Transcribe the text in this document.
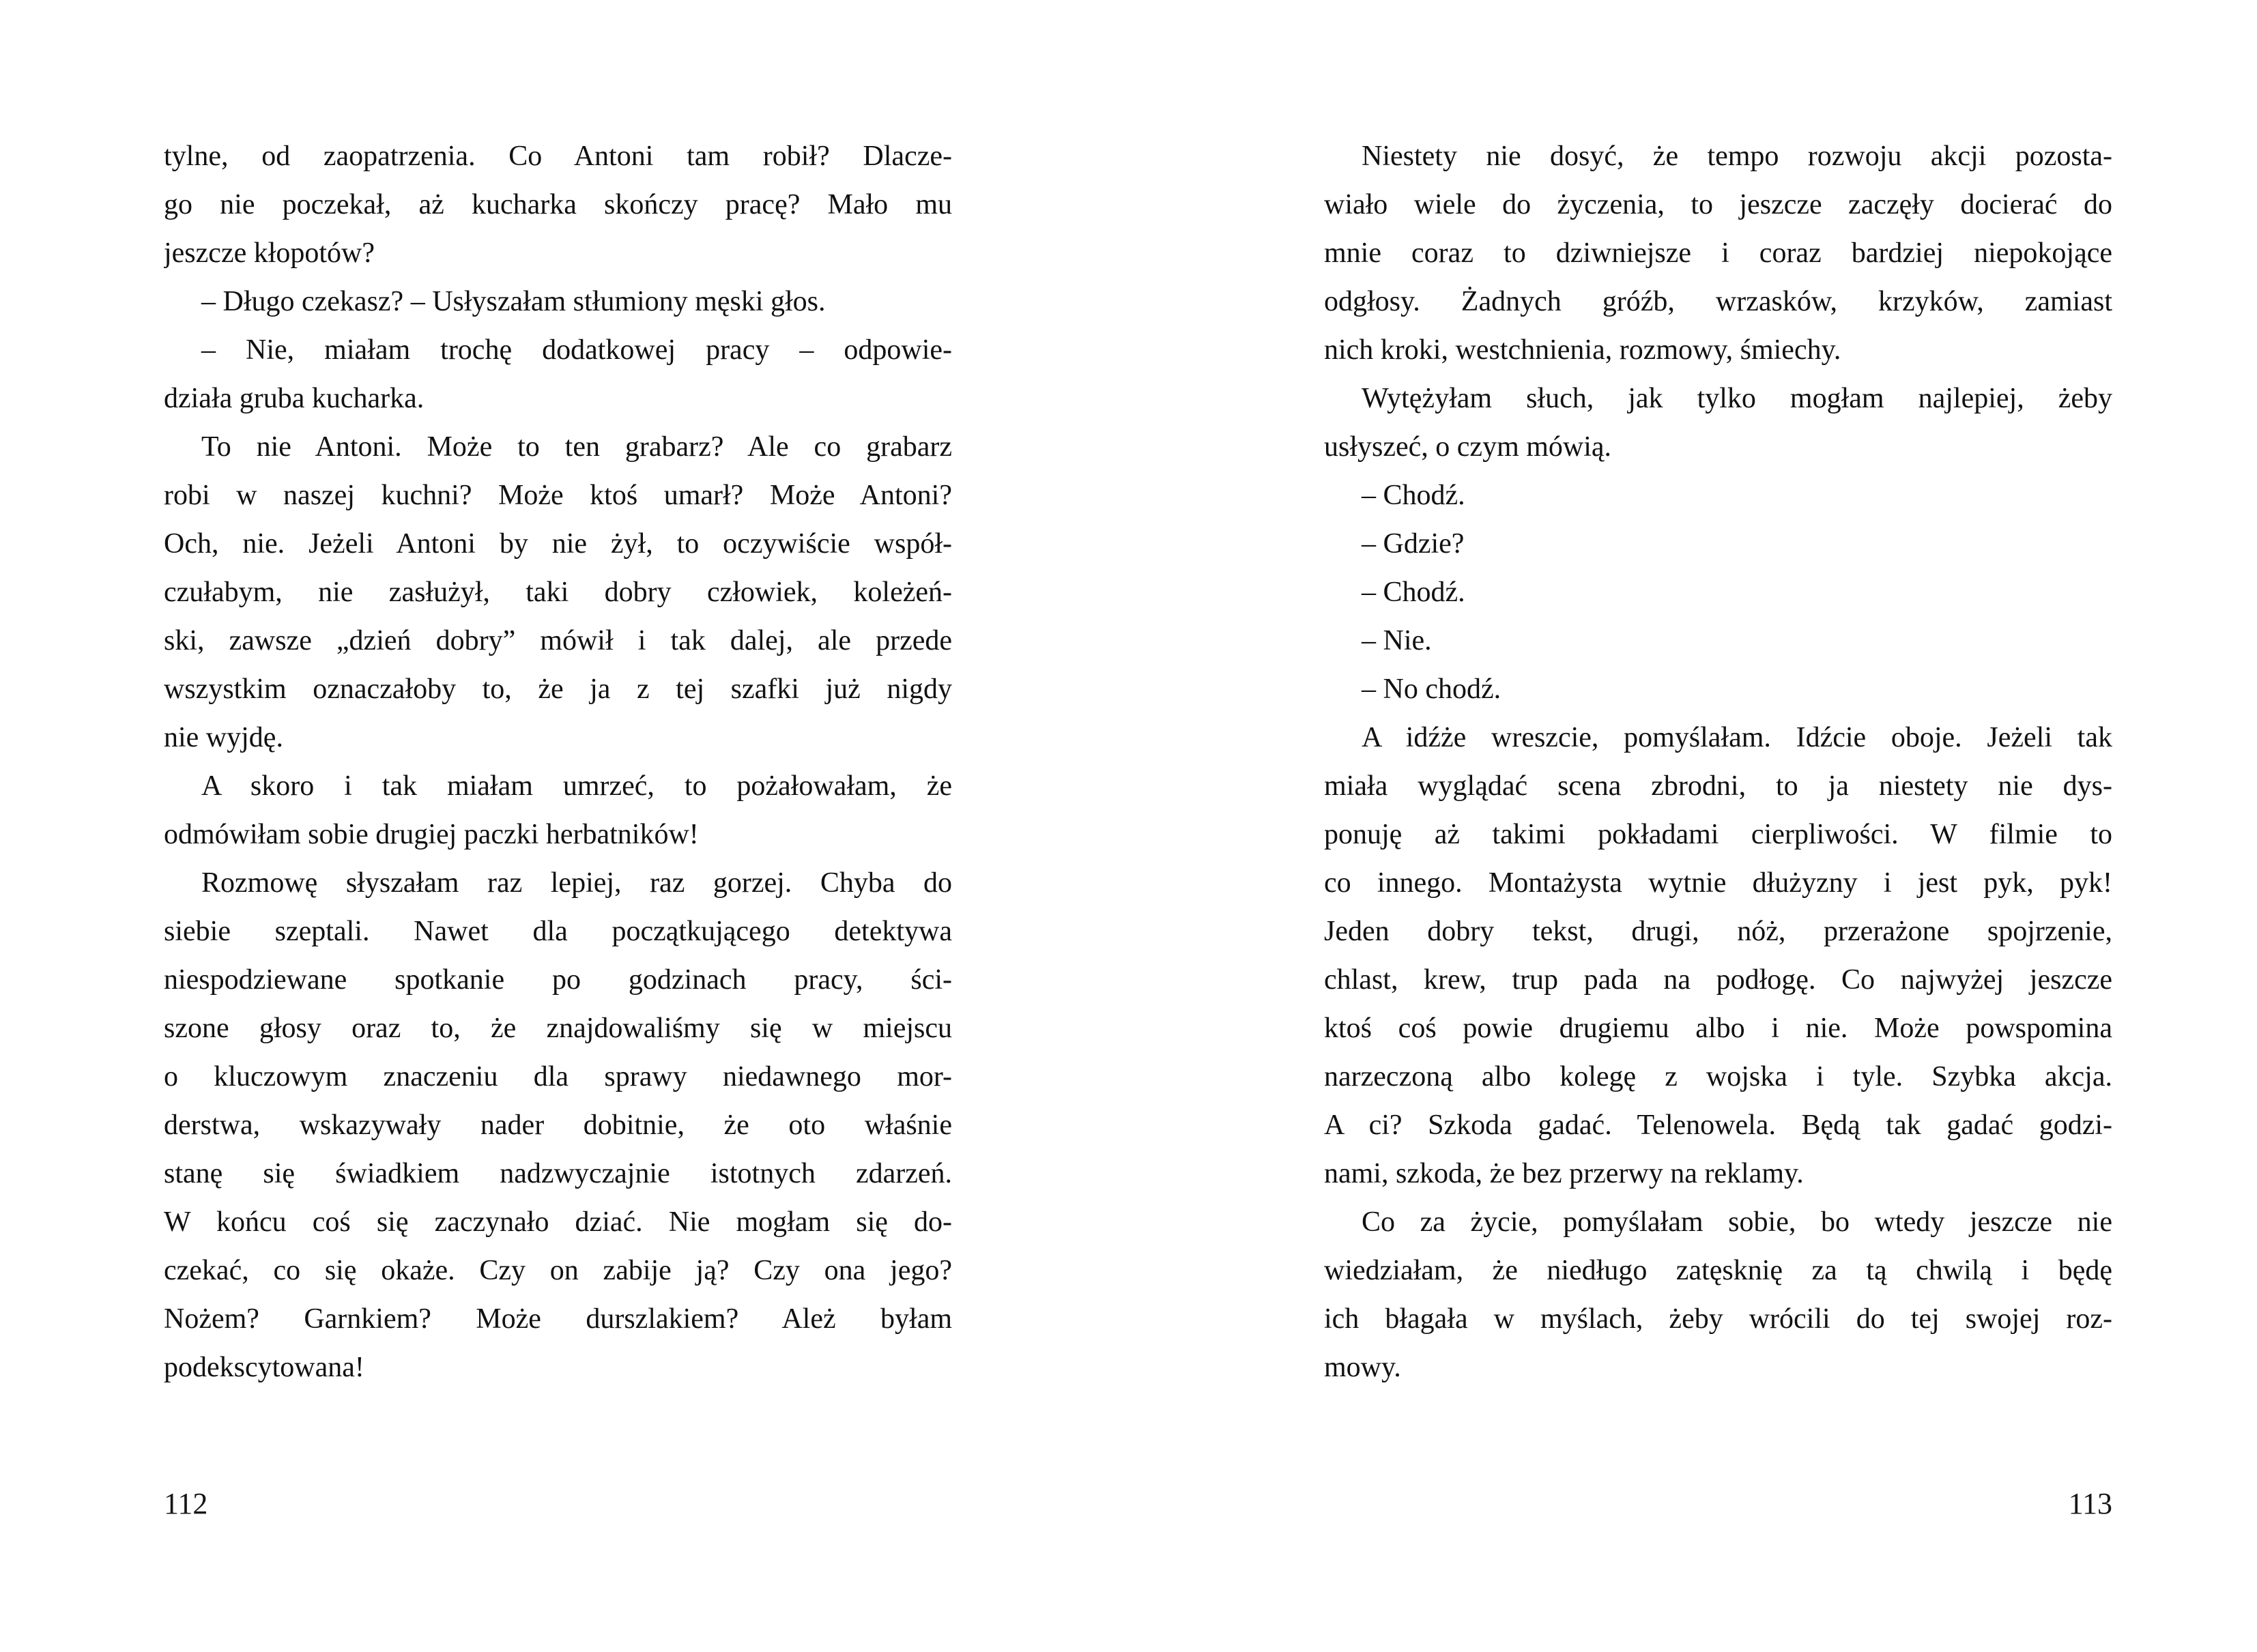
tylne, od zaopatrzenia. Co Antoni tam robił? Dlacze-
go nie poczekał, aż kucharka skończy pracę? Mało mu
jeszcze kłopotów?
– Długo czekasz? – Usłyszałam stłumiony męski głos.
– Nie, miałam trochę dodatkowej pracy – odpowie-
działa gruba kucharka.
To nie Antoni. Może to ten grabarz? Ale co grabarz
robi w naszej kuchni? Może ktoś umarł? Może Antoni?
Och, nie. Jeżeli Antoni by nie żył, to oczywiście współ-
czułabym, nie zasłużył, taki dobry człowiek, koleżeń-
ski, zawsze „dzień dobry” mówił i tak dalej, ale przede
wszystkim oznaczałoby to, że ja z tej szafki już nigdy
nie wyjdę.
A skoro i tak miałam umrzeć, to pożałowałam, że
odmówiłam sobie drugiej paczki herbatników!
Rozmowę słyszałam raz lepiej, raz gorzej. Chyba do
siebie szeptali. Nawet dla początkującego detektywa
niespodziewane spotkanie po godzinach pracy, ści-
szone głosy oraz to, że znajdowaliśmy się w miejscu
o kluczowym znaczeniu dla sprawy niedawnego mor-
derstwa, wskazywały nader dobitnie, że oto właśnie
stanę się świadkiem nadzwyczajnie istotnych zdarzeń.
W końcu coś się zaczynało dziać. Nie mogłam się do-
czekać, co się okaże. Czy on zabije ją? Czy ona jego?
Nożem? Garnkiem? Może durszlakiem? Ależ byłam
podekscytowana!
Niestety nie dosyć, że tempo rozwoju akcji pozosta-
wiało wiele do życzenia, to jeszcze zaczęły docierać do
mnie coraz to dziwniejsze i coraz bardziej niepokojące
odgłosy. Żadnych gróźb, wrzasków, krzyków, zamiast
nich kroki, westchnienia, rozmowy, śmiechy.
Wytężyłam słuch, jak tylko mogłam najlepiej, żeby
usłyszeć, o czym mówią.
– Chodź.
– Gdzie?
– Chodź.
– Nie.
– No chodź.
A idźże wreszcie, pomyślałam. Idźcie oboje. Jeżeli tak
miała wyglądać scena zbrodni, to ja niestety nie dys-
ponuję aż takimi pokładami cierpliwości. W filmie to
co innego. Montażysta wytnie dłużyzny i jest pyk, pyk!
Jeden dobry tekst, drugi, nóż, przerażone spojrzenie,
chlast, krew, trup pada na podłogę. Co najwyżej jeszcze
ktoś coś powie drugiemu albo i nie. Może powspomina
narzeczoną albo kolegę z wojska i tyle. Szybka akcja.
A ci? Szkoda gadać. Telenowela. Będą tak gadać godzi-
nami, szkoda, że bez przerwy na reklamy.
Co za życie, pomyślałam sobie, bo wtedy jeszcze nie
wiedziałam, że niedługo zatęsknię za tą chwilą i będę
ich błagała w myślach, żeby wrócili do tej swojej roz-
mowy.
112	113
